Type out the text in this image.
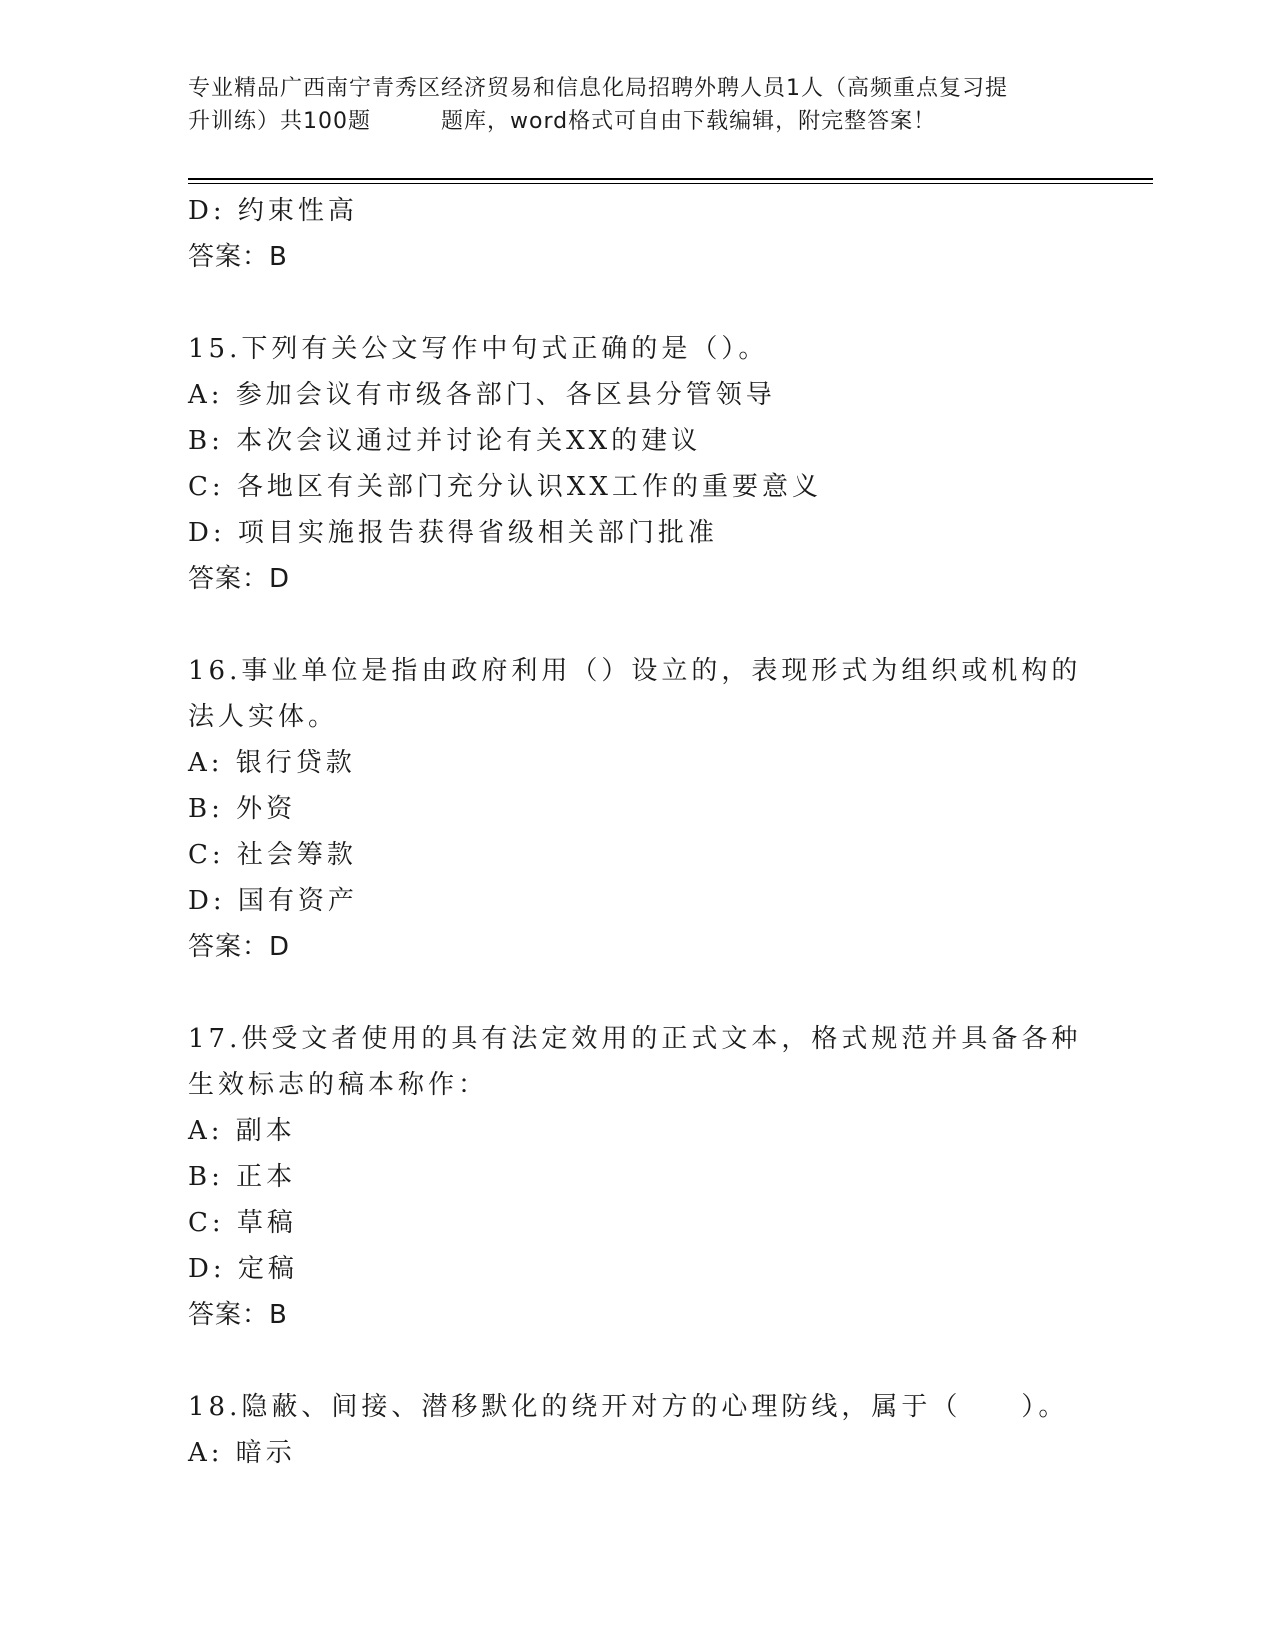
专业精品广西南宁青秀区经济贸易和信息化局招聘外聘人员1人（高频重点复习提
升训练）共100题	题库，word格式可自由下载编辑，附完整答案！
D: 约束性高
答案：B
15.下列有关公文写作中句式正确的是（）。
A: 参加会议有市级各部门、各区县分管领导
B: 本次会议通过并讨论有关XX的建议
C: 各地区有关部门充分认识XX工作的重要意义
D: 项目实施报告获得省级相关部门批准
答案：D
16.事业单位是指由政府利用（）设立的，表现形式为组织或机构的法人实体。
A: 银行贷款
B: 外资
C: 社会筹款
D: 国有资产
答案：D
17.供受文者使用的具有法定效用的正式文本，格式规范并具备各种生效标志的稿本称作：
A: 副本
B: 正本
C: 草稿
D: 定稿
答案：B
18.隐蔽、间接、潜移默化的绕开对方的心理防线，属于（　　）。
A: 暗示
